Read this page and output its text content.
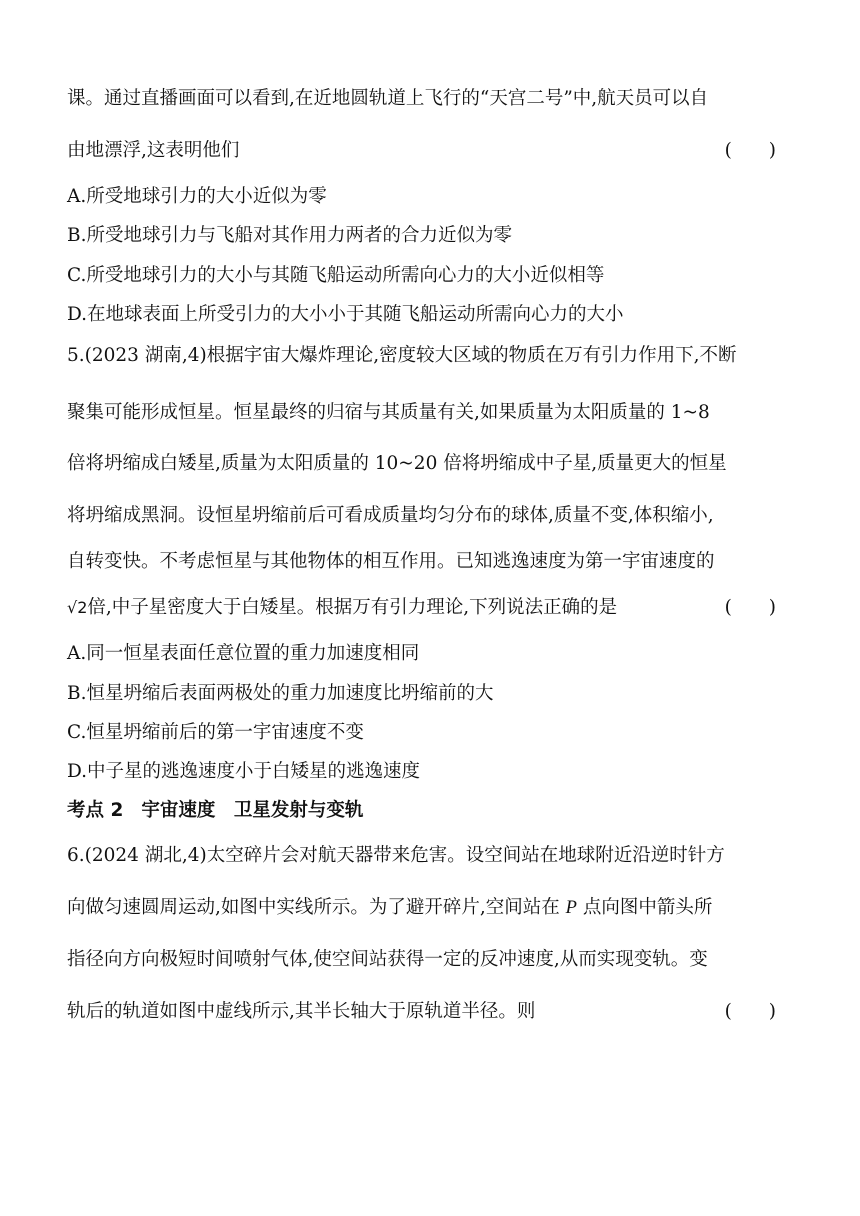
课。通过直播画面可以看到,在近地圆轨道上飞行的“天宫二号”中,航天员可以自
由地漂浮,这表明他们	(　　)
A.所受地球引力的大小近似为零
B.所受地球引力与飞船对其作用力两者的合力近似为零
C.所受地球引力的大小与其随飞船运动所需向心力的大小近似相等
D.在地球表面上所受引力的大小小于其随飞船运动所需向心力的大小
5.(2023 湖南,4)根据宇宙大爆炸理论,密度较大区域的物质在万有引力作用下,不断
聚集可能形成恒星。恒星最终的归宿与其质量有关,如果质量为太阳质量的 1~8
倍将坍缩成白矮星,质量为太阳质量的 10~20 倍将坍缩成中子星,质量更大的恒星
将坍缩成黑洞。设恒星坍缩前后可看成质量均匀分布的球体,质量不变,体积缩小,
自转变快。不考虑恒星与其他物体的相互作用。已知逃逸速度为第一宇宙速度的
√2倍,中子星密度大于白矮星。根据万有引力理论,下列说法正确的是	(　　)
A.同一恒星表面任意位置的重力加速度相同
B.恒星坍缩后表面两极处的重力加速度比坍缩前的大
C.恒星坍缩前后的第一宇宙速度不变
D.中子星的逃逸速度小于白矮星的逃逸速度
考点 2 宇宙速度　卫星发射与变轨
6.(2024 湖北,4)太空碎片会对航天器带来危害。设空间站在地球附近沿逆时针方
向做匀速圆周运动,如图中实线所示。为了避开碎片,空间站在 P 点向图中箭头所
指径向方向极短时间喷射气体,使空间站获得一定的反冲速度,从而实现变轨。变
轨后的轨道如图中虚线所示,其半长轴大于原轨道半径。则	(　　)
